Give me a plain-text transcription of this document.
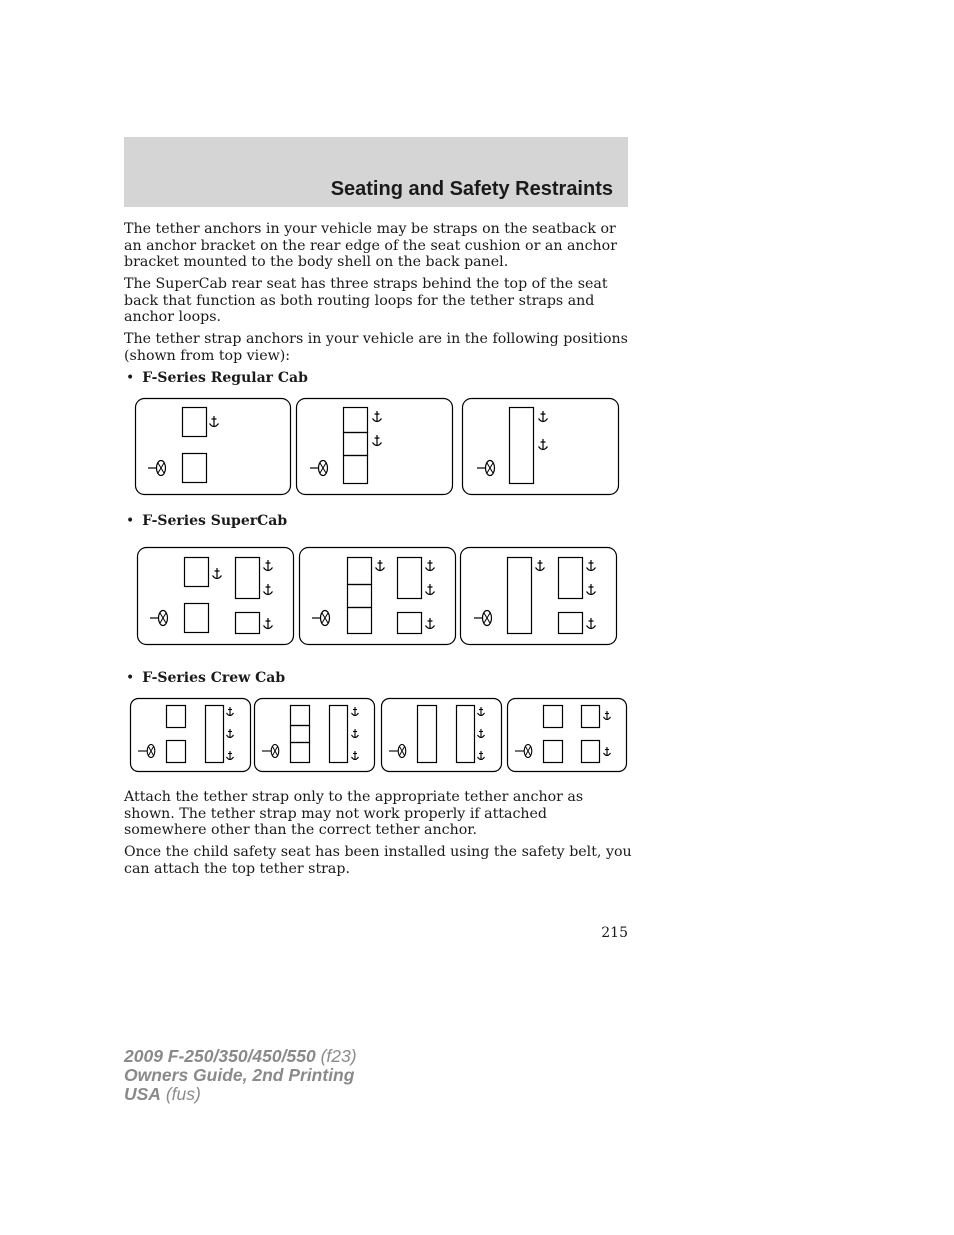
Seating and Safety Restraints
The tether anchors in your vehicle may be straps on the seatback or an anchor bracket on the rear edge of the seat cushion or an anchor bracket mounted to the body shell on the back panel.
The SuperCab rear seat has three straps behind the top of the seat back that function as both routing loops for the tether straps and anchor loops.
The tether strap anchors in your vehicle are in the following positions (shown from top view):
• F-Series Regular Cab
• F-Series SuperCab
• F-Series Crew Cab
Attach the tether strap only to the appropriate tether anchor as shown. The tether strap may not work properly if attached somewhere other than the correct tether anchor.
Once the child safety seat has been installed using the safety belt, you can attach the top tether strap.
215
2009 F-250/350/450/550 (f23)
Owners Guide, 2nd Printing
USA (fus)
